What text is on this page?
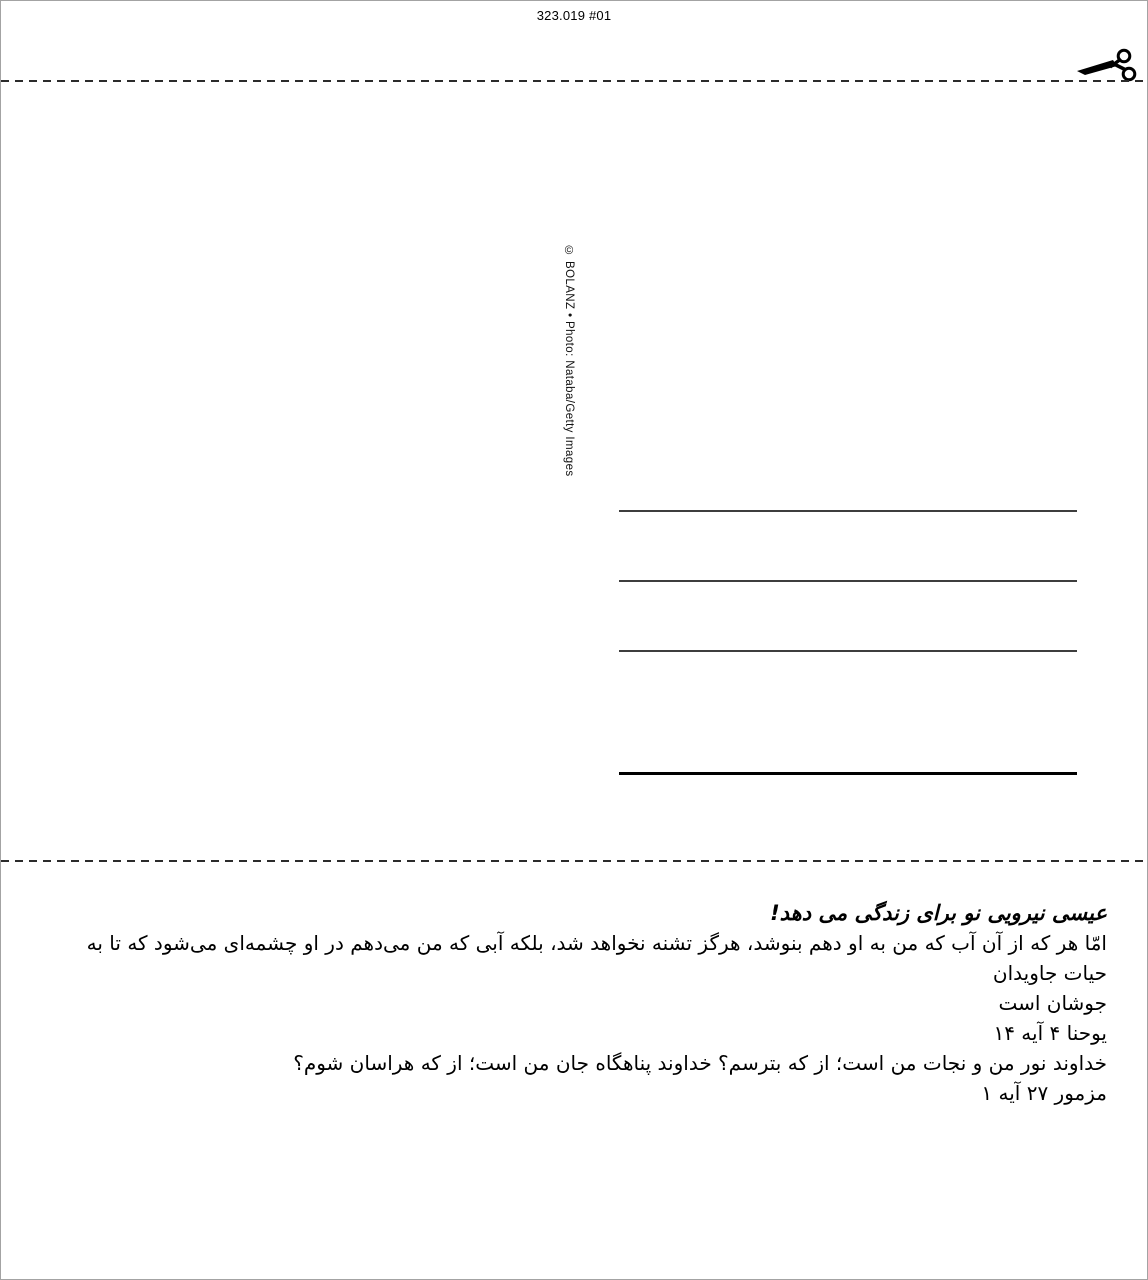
323.019 #01
© BOLANZ • Photo: Nataba/Getty Images
عیسی نیرویی نو برای زندگی می دهد!
امّا هر که از آن آب که من به او دهم بنوشد، هرگز تشنه نخواهد شد، بلکه آبی که من می‌دهم در او چشمه‌ای می‌شود که تا به حیات جاویدان
جوشان است
یوحنا ۴ آیه ۱۴
خداوند نور من و نجات من است؛ از که بترسم؟ خداوند پناهگاه جان من است؛ از که هراسان شوم؟
مزمور ۲۷ آیه ۱
